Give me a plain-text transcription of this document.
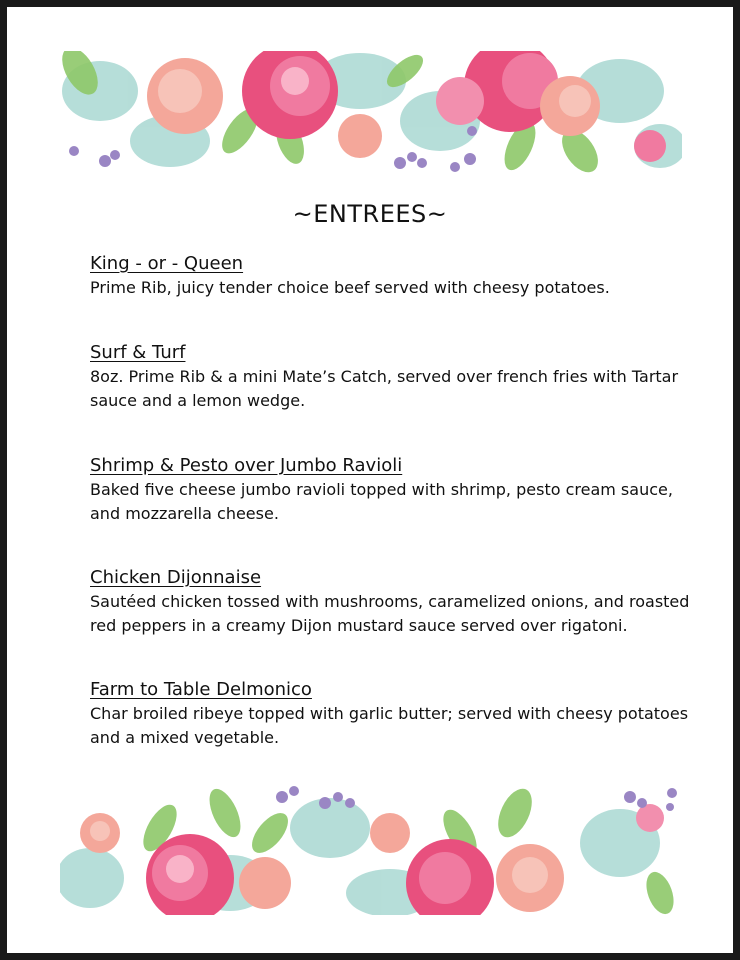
~ENTREES~
King - or - Queen
Prime Rib, juicy tender choice beef served with cheesy potatoes.
Surf & Turf
8oz. Prime Rib & a mini Mate’s Catch, served over french fries with Tartar sauce and a lemon wedge.
Shrimp & Pesto over Jumbo Ravioli
Baked five cheese jumbo ravioli topped with shrimp, pesto cream sauce, and mozzarella cheese.
Chicken Dijonnaise
Sautéed chicken tossed with mushrooms, caramelized onions, and roasted red peppers in a creamy Dijon mustard sauce served over rigatoni.
Farm to Table Delmonico
Char broiled ribeye topped with garlic butter; served with cheesy potatoes and a mixed vegetable.
